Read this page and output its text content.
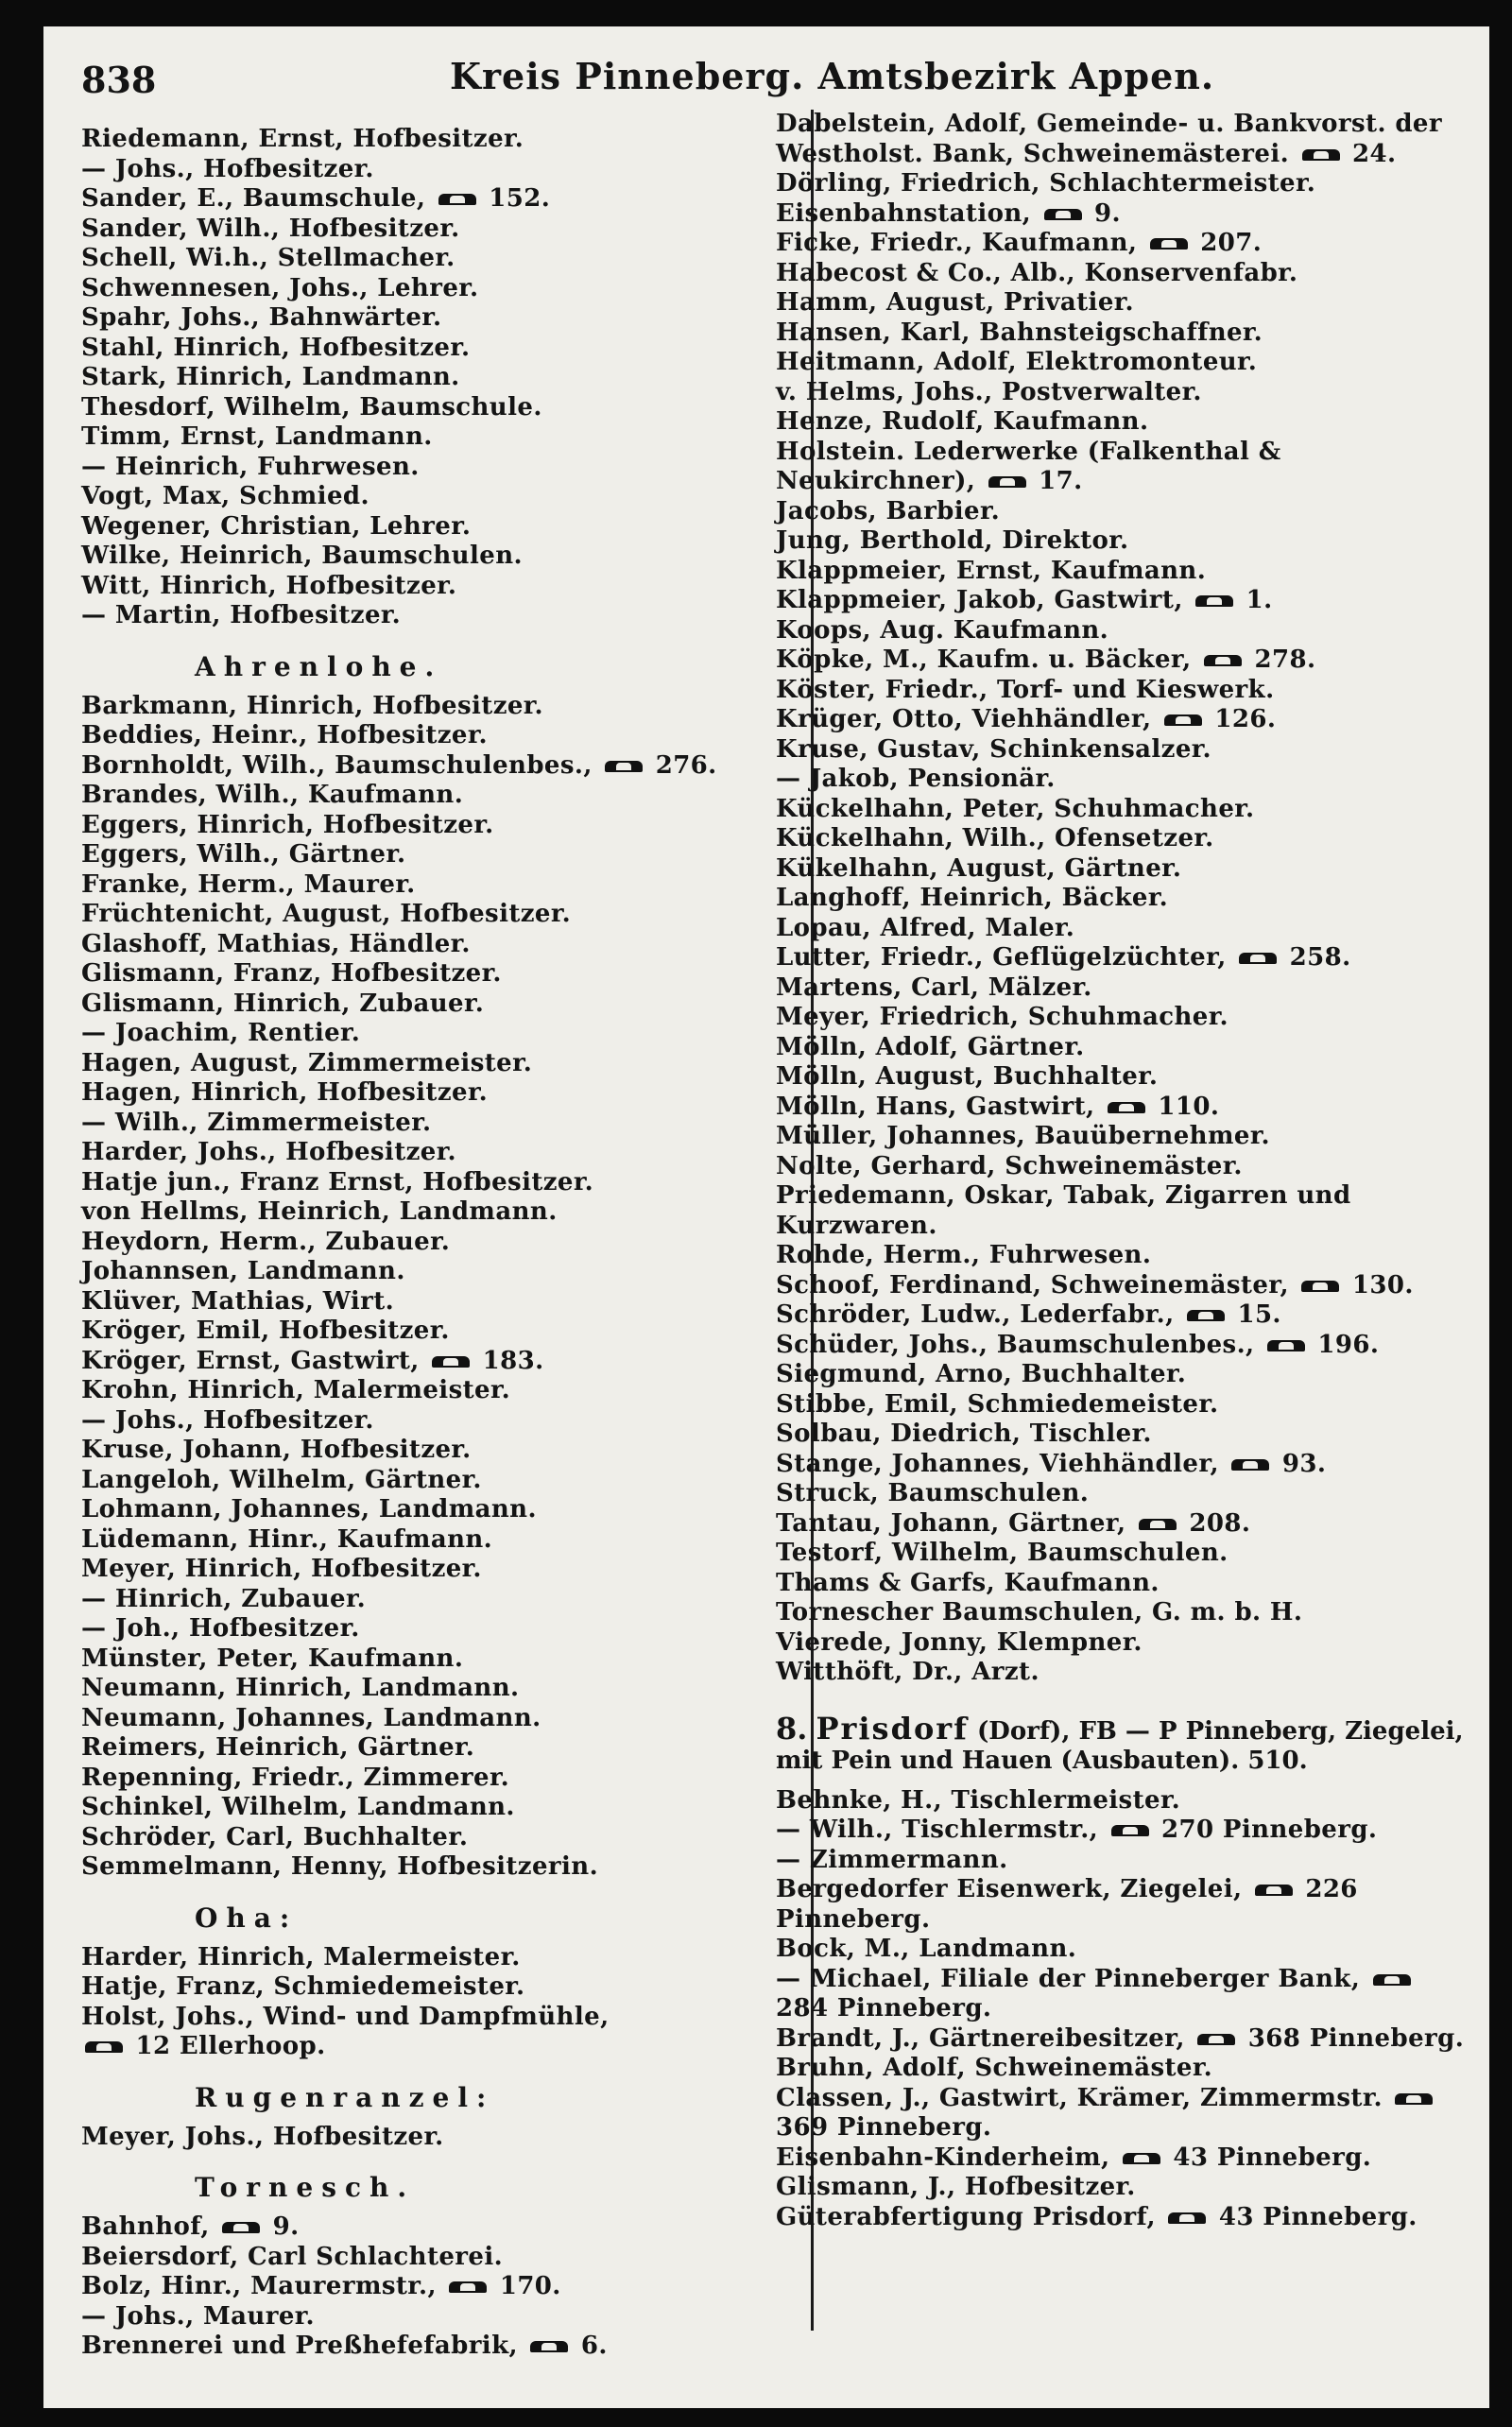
838	Kreis Pinneberg. Amtsbezirk Appen.
Riedemann, Ernst, Hofbesitzer.
— Johs., Hofbesitzer.
Sander, E., Baumschule,  152.
Sander, Wilh., Hofbesitzer.
Schell, Wi.h., Stellmacher.
Schwennesen, Johs., Lehrer.
Spahr, Johs., Bahnwärter.
Stahl, Hinrich, Hofbesitzer.
Stark, Hinrich, Landmann.
Thesdorf, Wilhelm, Baumschule.
Timm, Ernst, Landmann.
— Heinrich, Fuhrwesen.
Vogt, Max, Schmied.
Wegener, Christian, Lehrer.
Wilke, Heinrich, Baumschulen.
Witt, Hinrich, Hofbesitzer.
— Martin, Hofbesitzer.
Ahrenlohe.
Barkmann, Hinrich, Hofbesitzer.
Beddies, Heinr., Hofbesitzer.
Bornholdt, Wilh., Baumschulenbes.,  276.
Brandes, Wilh., Kaufmann.
Eggers, Hinrich, Hofbesitzer.
Eggers, Wilh., Gärtner.
Franke, Herm., Maurer.
Früchtenicht, August, Hofbesitzer.
Glashoff, Mathias, Händler.
Glismann, Franz, Hofbesitzer.
Glismann, Hinrich, Zubauer.
— Joachim, Rentier.
Hagen, August, Zimmermeister.
Hagen, Hinrich, Hofbesitzer.
— Wilh., Zimmermeister.
Harder, Johs., Hofbesitzer.
Hatje jun., Franz Ernst, Hofbesitzer.
von Hellms, Heinrich, Landmann.
Heydorn, Herm., Zubauer.
Johannsen, Landmann.
Klüver, Mathias, Wirt.
Kröger, Emil, Hofbesitzer.
Kröger, Ernst, Gastwirt,  183.
Krohn, Hinrich, Malermeister.
— Johs., Hofbesitzer.
Kruse, Johann, Hofbesitzer.
Langeloh, Wilhelm, Gärtner.
Lohmann, Johannes, Landmann.
Lüdemann, Hinr., Kaufmann.
Meyer, Hinrich, Hofbesitzer.
— Hinrich, Zubauer.
— Joh., Hofbesitzer.
Münster, Peter, Kaufmann.
Neumann, Hinrich, Landmann.
Neumann, Johannes, Landmann.
Reimers, Heinrich, Gärtner.
Repenning, Friedr., Zimmerer.
Schinkel, Wilhelm, Landmann.
Schröder, Carl, Buchhalter.
Semmelmann, Henny, Hofbesitzerin.
Oha:
Harder, Hinrich, Malermeister.
Hatje, Franz, Schmiedemeister.
Holst, Johs., Wind- und Dampfmühle,
12 Ellerhoop.
Rugenranzel:
Meyer, Johs., Hofbesitzer.
Tornesch.
Bahnhof,  9.
Beiersdorf, Carl Schlachterei.
Bolz, Hinr., Maurermstr.,  170.
— Johs., Maurer.
Brennerei und Preßhefefabrik,  6.
Dabelstein, Adolf, Gemeinde- u. Bankvorst. der Westholst. Bank, Schweinemästerei.  24.
Dörling, Friedrich, Schlachtermeister.
Eisenbahnstation,  9.
Ficke, Friedr., Kaufmann,  207.
Habecost & Co., Alb., Konservenfabr.
Hamm, August, Privatier.
Hansen, Karl, Bahnsteigschaffner.
Heitmann, Adolf, Elektromonteur.
v. Helms, Johs., Postverwalter.
Henze, Rudolf, Kaufmann.
Holstein. Lederwerke (Falkenthal & Neukirchner),  17.
Jacobs, Barbier.
Jung, Berthold, Direktor.
Klappmeier, Ernst, Kaufmann.
Klappmeier, Jakob, Gastwirt,  1.
Koops, Aug. Kaufmann.
Köpke, M., Kaufm. u. Bäcker,  278.
Köster, Friedr., Torf- und Kieswerk.
Krüger, Otto, Viehhändler,  126.
Kruse, Gustav, Schinkensalzer.
— Jakob, Pensionär.
Kückelhahn, Peter, Schuhmacher.
Kückelhahn, Wilh., Ofensetzer.
Kükelhahn, August, Gärtner.
Langhoff, Heinrich, Bäcker.
Lopau, Alfred, Maler.
Lutter, Friedr., Geflügelzüchter,  258.
Martens, Carl, Mälzer.
Meyer, Friedrich, Schuhmacher.
Mölln, Adolf, Gärtner.
Mölln, August, Buchhalter.
Mölln, Hans, Gastwirt,  110.
Müller, Johannes, Bauübernehmer.
Nolte, Gerhard, Schweinemäster.
Priedemann, Oskar, Tabak, Zigarren und Kurzwaren.
Rohde, Herm., Fuhrwesen.
Schoof, Ferdinand, Schweinemäster,  130.
Schröder, Ludw., Lederfabr.,  15.
Schüder, Johs., Baumschulenbes.,  196.
Siegmund, Arno, Buchhalter.
Stibbe, Emil, Schmiedemeister.
Solbau, Diedrich, Tischler.
Stange, Johannes, Viehhändler,  93.
Struck, Baumschulen.
Tantau, Johann, Gärtner,  208.
Testorf, Wilhelm, Baumschulen.
Thams & Garfs, Kaufmann.
Tornescher Baumschulen, G. m. b. H.
Vierede, Jonny, Klempner.
Witthöft, Dr., Arzt.
8. Prisdorf (Dorf), FB — P Pinneberg, Ziegelei, mit Pein und Hauen (Ausbauten). 510.
Behnke, H., Tischlermeister.
— Wilh., Tischlermstr.,  270 Pinneberg.
— Zimmermann.
Bergedorfer Eisenwerk, Ziegelei,  226 Pinneberg.
Bock, M., Landmann.
— Michael, Filiale der Pinneberger Bank,  284 Pinneberg.
Brandt, J., Gärtnereibesitzer,  368 Pinneberg.
Bruhn, Adolf, Schweinemäster.
Classen, J., Gastwirt, Krämer, Zimmermstr.  369 Pinneberg.
Eisenbahn-Kinderheim,  43 Pinneberg.
Glismann, J., Hofbesitzer.
Güterabfertigung Prisdorf,  43 Pinneberg.
